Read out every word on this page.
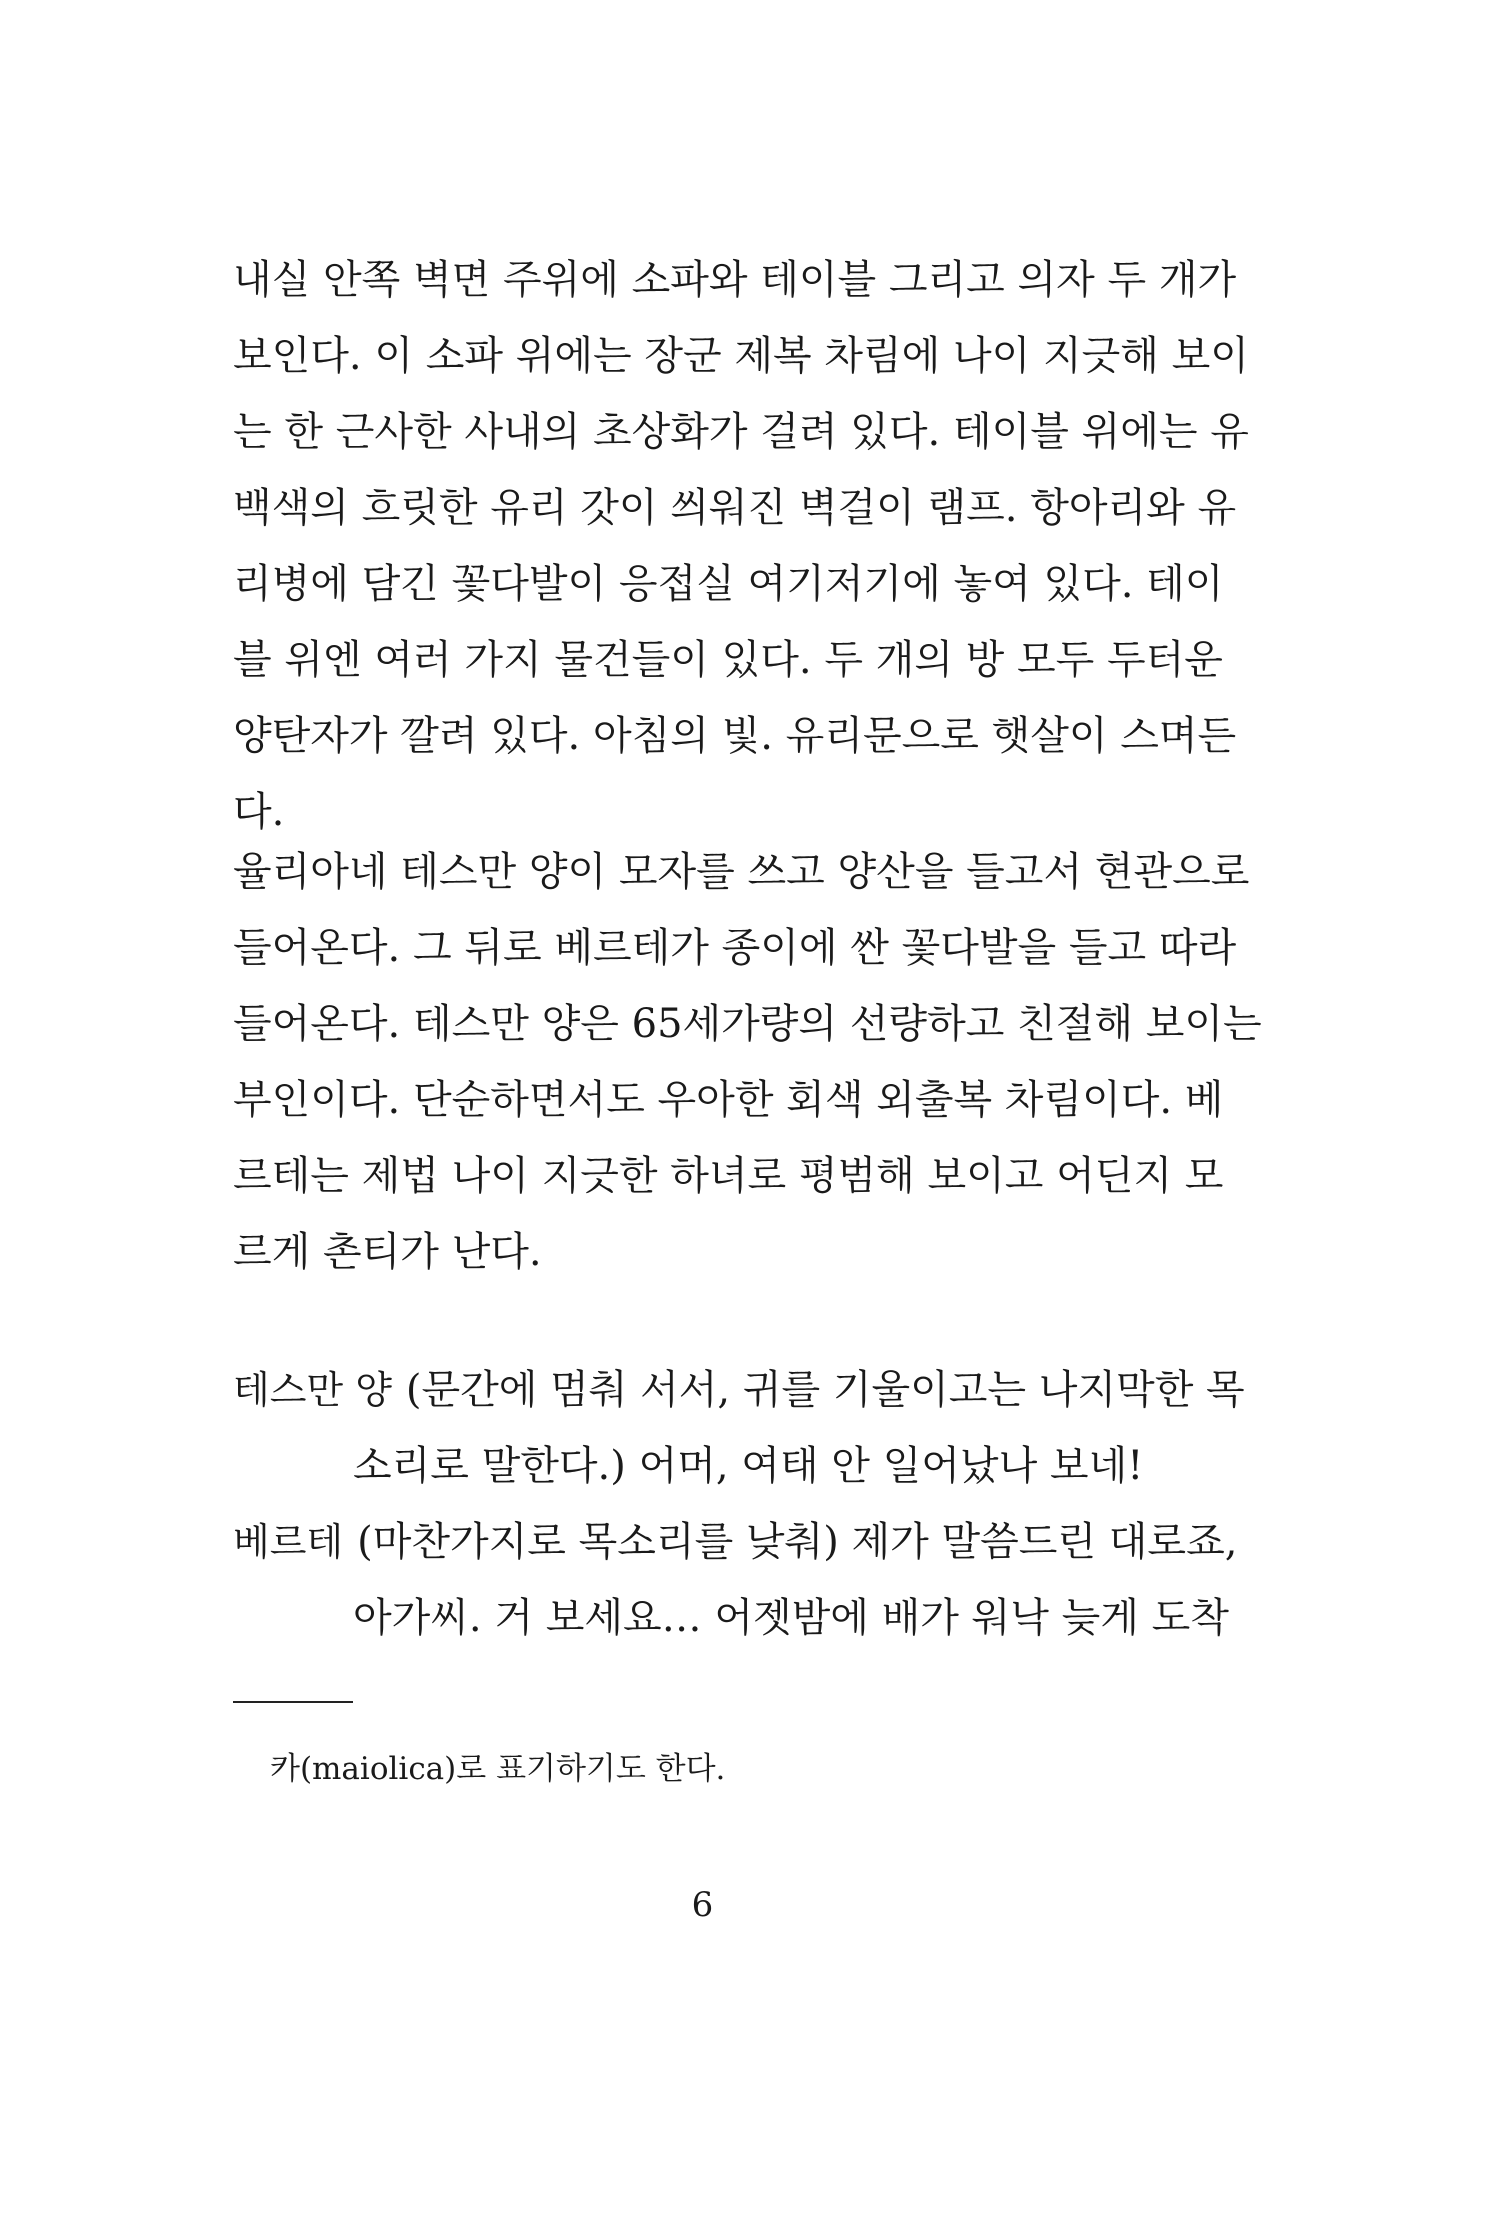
내실 안쪽 벽면 주위에 소파와 테이블 그리고 의자 두 개가
보인다. 이 소파 위에는 장군 제복 차림에 나이 지긋해 보이
는 한 근사한 사내의 초상화가 걸려 있다. 테이블 위에는 유
백색의 흐릿한 유리 갓이 씌워진 벽걸이 램프. 항아리와 유
리병에 담긴 꽃다발이 응접실 여기저기에 놓여 있다. 테이
블 위엔 여러 가지 물건들이 있다. 두 개의 방 모두 두터운
양탄자가 깔려 있다. 아침의 빛. 유리문으로 햇살이 스며든
다.
율리아네 테스만 양이 모자를 쓰고 양산을 들고서 현관으로
들어온다. 그 뒤로 베르테가 종이에 싼 꽃다발을 들고 따라
들어온다. 테스만 양은 65세가량의 선량하고 친절해 보이는
부인이다. 단순하면서도 우아한 회색 외출복 차림이다. 베
르테는 제법 나이 지긋한 하녀로 평범해 보이고 어딘지 모
르게 촌티가 난다.
테스만 양 (문간에 멈춰 서서, 귀를 기울이고는 나지막한 목
소리로 말한다.) 어머, 여태 안 일어났나 보네!
베르테 (마찬가지로 목소리를 낮춰) 제가 말씀드린 대로죠,
아가씨. 거 보세요… 어젯밤에 배가 워낙 늦게 도착
카(maiolica)로 표기하기도 한다.
6
